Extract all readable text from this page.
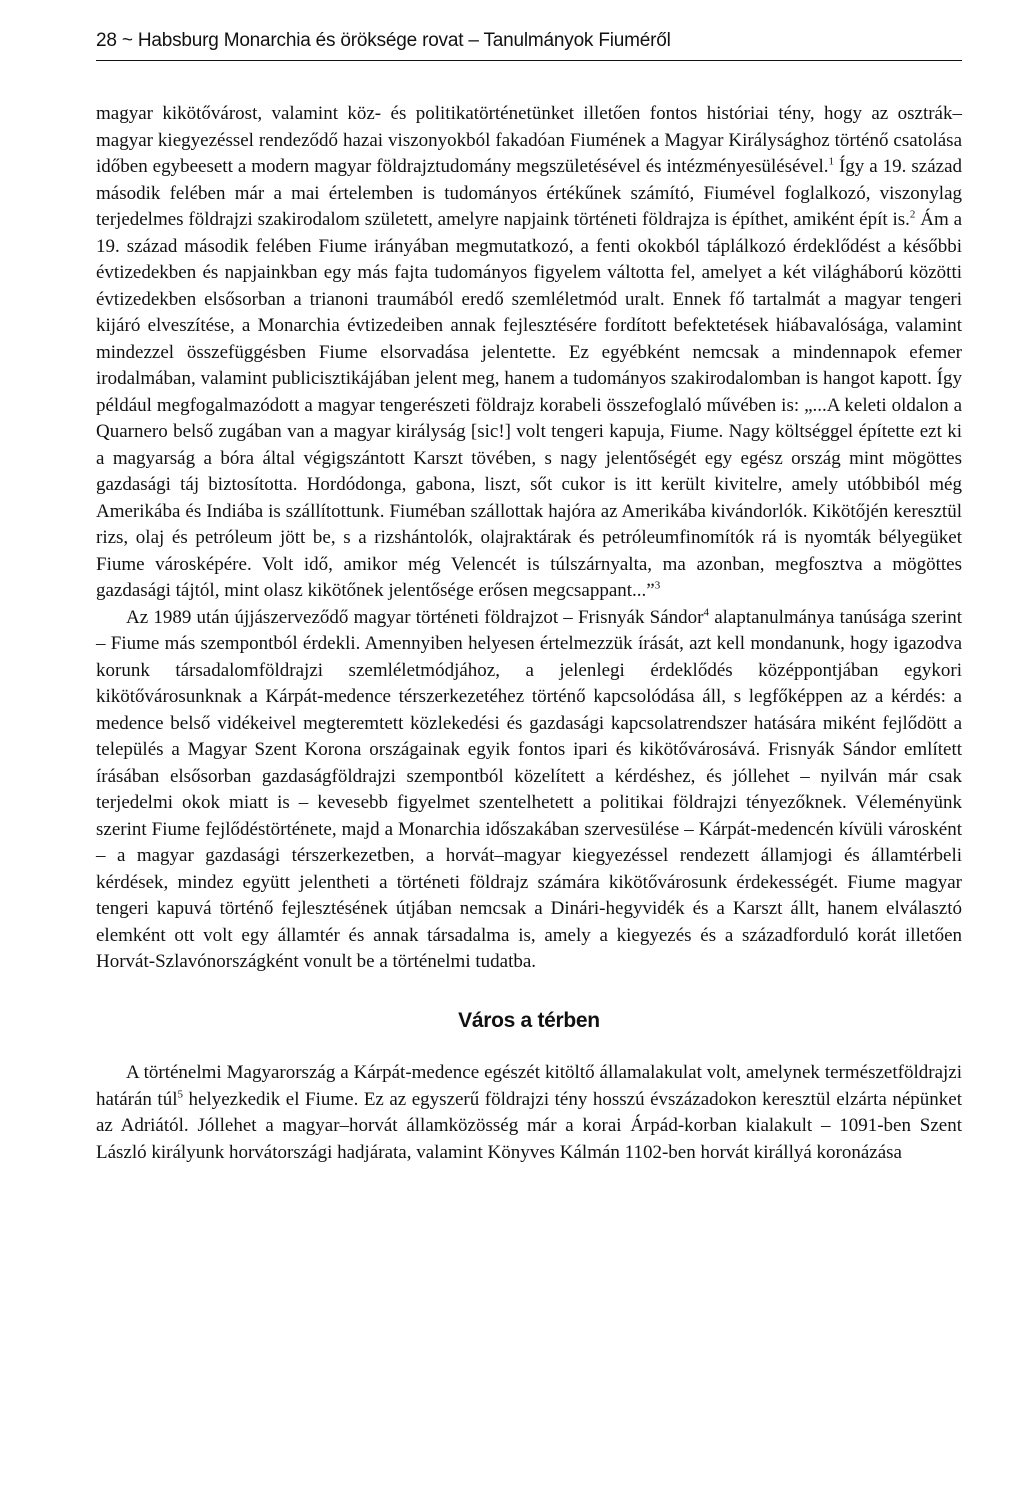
28 ~ Habsburg Monarchia és öröksége rovat – Tanulmányok Fiuméről

magyar kikötővárost, valamint köz- és politikatörténetünket illetően fontos históriai tény, hogy az osztrák–magyar kiegyezéssel rendeződő hazai viszonyokból fakadóan Fiumének a Magyar Királysághoz történő csatolása időben egybeesett a modern magyar földrajztudomány megszületésével és intézményesülésével.$^1$ Így a 19. század második felében már a mai értelemben is tudományos értékűnek számító, Fiumével foglalkozó, viszonylag terjedelmes földrajzi szakirodalom született, amelyre napjaink történeti földrajza is építhet, amiként épít is.$^2$ Ám a 19. század második felében Fiume irányában megmutatkozó, a fenti okokból táplálkozó érdeklődést a későbbi évtizedekben és napjainkban egy más fajta tudományos figyelem váltotta fel, amelyet a két világháború közötti évtizedekben elsősorban a trianoni traumából eredő szemléletmód uralt. Ennek fő tartalmát a magyar tengeri kijáró elveszítése, a Monarchia évtizedeiben annak fejlesztésére fordított befektetések hiábavalósága, valamint mindezzel összefüggésben Fiume elsorvadása jelentette. Ez egyébként nemcsak a mindennapok efemer irodalmában, valamint publicisztikájában jelent meg, hanem a tudományos szakirodalomban is hangot kapott. Így például megfogalmazódott a magyar tengerészeti földrajz korabeli összefoglaló művében is: „...A keleti oldalon a Quarnero belső zugában van a magyar királyság [sic!] volt tengeri kapuja, Fiume. Nagy költséggel építette ezt ki a magyarság a bóra által végigszántott Karszt tövében, s nagy jelentőségét egy egész ország mint mögöttes gazdasági táj biztosította. Hordódonga, gabona, liszt, sőt cukor is itt került kivitelre, amely utóbbiból még Amerikába és Indiába is szállítottunk. Fiuméban szállottak hajóra az Amerikába kivándorlók. Kikötőjén keresztül rizs, olaj és petróleum jött be, s a rizshántolók, olajraktárak és petróleumfinomítók rá is nyomták bélyegüket Fiume városképére. Volt idő, amikor még Velencét is túlszárnyalta, ma azonban, megfosztva a mögöttes gazdasági tájtól, mint olasz kikötőnek jelentősége erősen megcsappant...”$^3$

Az 1989 után újjászerveződő magyar történeti földrajzot – Frisnyák Sándor$^4$ alaptanulmánya tanúsága szerint – Fiume más szempontból érdekli. Amennyiben helyesen értelmezzük írását, azt kell mondanunk, hogy igazodva korunk társadalomföldrajzi szemléletmódjához, a jelenlegi érdeklődés középpontjában egykori kikötővárosunknak a Kárpát-medence térszerkezetéhez történő kapcsolódása áll, s legfőképpen az a kérdés: a medence belső vidékeivel megteremtett közlekedési és gazdasági kapcsolatrendszer hatására miként fejlődött a település a Magyar Szent Korona országainak egyik fontos ipari és kikötővárosává. Frisnyák Sándor említett írásában elsősorban gazdaságföldrajzi szempontból közelített a kérdéshez, és jóllehet – nyilván már csak terjedelmi okok miatt is – kevesebb figyelmet szentelhetett a politikai földrajzi tényezőknek. Véleményünk szerint Fiume fejlődéstörténete, majd a Monarchia időszakában szervesülése – Kárpát-medencén kívüli városként – a magyar gazdasági térszerkezetben, a horvát–magyar kiegyezéssel rendezett államjogi és államtérbeli kérdések, mindez együtt jelentheti a történeti földrajz számára kikötővárosunk érdekességét. Fiume magyar tengeri kapuvá történő fejlesztésének útjában nemcsak a Dinári-hegyvidék és a Karszt állt, hanem elválasztó elemként ott volt egy államtér és annak társadalma is, amely a kiegyezés és a századforduló korát illetően Horvát-Szlavónországként vonult be a történelmi tudatba.

Város a térben

A történelmi Magyarország a Kárpát-medence egészét kitöltő államalakulat volt, amelynek természetföldrajzi határán túl$^5$ helyezkedik el Fiume. Ez az egyszerű földrajzi tény hosszú évszázadokon keresztül elzárta népünket az Adriától. Jóllehet a magyar–horvát államközösség már a korai Árpád-korban kialakult – 1091-ben Szent László királyunk horvátországi hadjárata, valamint Könyves Kálmán 1102-ben horvát királlyá koronázása
